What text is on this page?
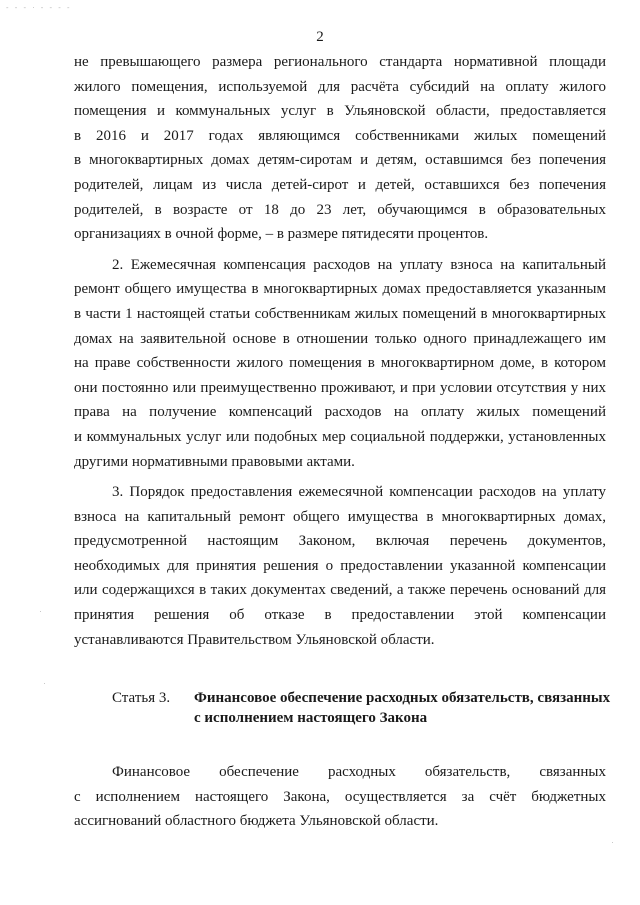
- - - · - - - -
2
не превышающего размера регионального стандарта нормативной площади
жилого помещения, используемой для расчёта субсидий на оплату жилого
помещения и коммунальных услуг в Ульяновской области, предоставляется
в 2016 и 2017 годах являющимся собственниками жилых помещений
в многоквартирных домах детям-сиротам и детям, оставшимся без попечения
родителей, лицам из числа детей-сирот и детей, оставшихся без попечения
родителей, в возрасте от 18 до 23 лет, обучающимся в образовательных
организациях в очной форме, – в размере пятидесяти процентов.
2. Ежемесячная компенсация расходов на уплату взноса на капитальный
ремонт общего имущества в многоквартирных домах предоставляется указанным
в части 1 настоящей статьи собственникам жилых помещений в многоквартирных
домах на заявительной основе в отношении только одного принадлежащего им
на праве собственности жилого помещения в многоквартирном доме, в котором
они постоянно или преимущественно проживают, и при условии отсутствия у них
права на получение компенсаций расходов на оплату жилых помещений
и коммунальных услуг или подобных мер социальной поддержки, установленных
другими нормативными правовыми актами.
3. Порядок предоставления ежемесячной компенсации расходов на уплату
взноса на капитальный ремонт общего имущества в многоквартирных домах,
предусмотренной настоящим Законом, включая перечень документов,
необходимых для принятия решения о предоставлении указанной компенсации
или содержащихся в таких документах сведений, а также перечень оснований для
принятия решения об отказе в предоставлении этой компенсации
устанавливаются Правительством Ульяновской области.
Статья 3. Финансовое обеспечение расходных обязательств, связанных
с исполнением настоящего Закона
Финансовое обеспечение расходных обязательств, связанных
с исполнением настоящего Закона, осуществляется за счёт бюджетных
ассигнований областного бюджета Ульяновской области.
